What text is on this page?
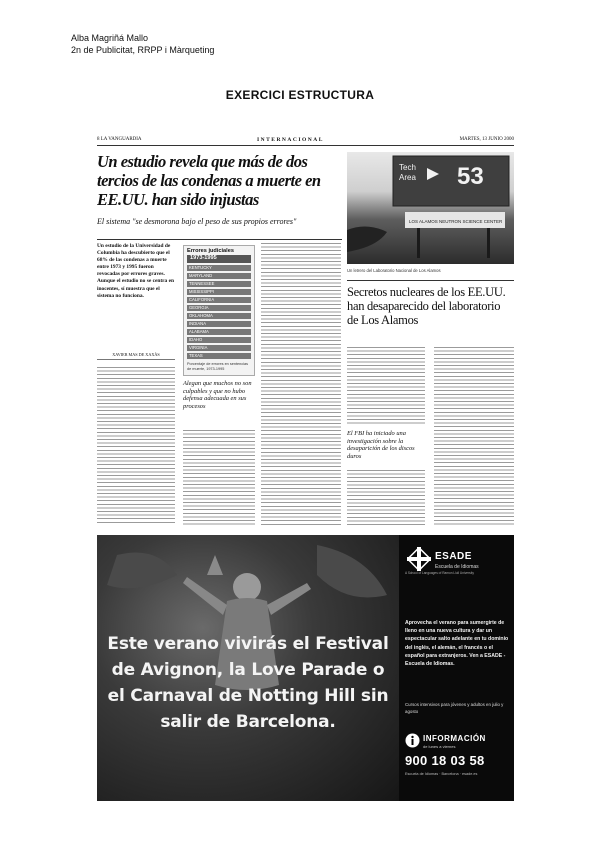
Alba Magriñá Mallo
2n de Publicitat, RRPP i Màrqueting
EXERCICI ESTRUCTURA
8 LA VANGUARDIA	INTERNACIONAL	MARTES, 13 JUNIO 2000
Un estudio revela que más de dos tercios de las condenas a muerte en EE.UU. han sido injustas
El sistema "se desmorona bajo el peso de sus propios errores"
Un estudio de la Universidad de Columbia ha descubierto que el 68% de las condenas a muerte entre 1973 y 1995 fueron revocadas por errores graves. Aunque el estudio no se centra en inocentes, sí muestra que el sistema no funciona.
XAVIER MAS DE XAXÀS
Errores judiciales
1973-1995
KENTUCKY
MARYLAND
TENNESSEE
MISSISSIPPI
CALIFORNIA
GEORGIA
OKLAHOMA
INDIANA
ALABAMA
IDAHO
VIRGINIA
TEXAS
Porcentaje de errores en sentencias de muerte, 1973-1995
Alegan que muchos no son culpables y que no hubo defensa adecuada en sus procesos
Tech
Area 53
LOS ALAMOS NEUTRON SCIENCE CENTER
Un letrero del Laboratorio Nacional de Los Alamos
Secretos nucleares de los EE.UU. han desaparecido del laboratorio de Los Alamos
El FBI ha iniciado una investigación sobre la desaparición de los discos duros
Este verano vivirás el Festival de Avignon, la Love Parade o el Carnaval de Notting Hill sin salir de Barcelona.
ESADE
Escuela de Idiomas
A School of Languages of Ramon Llull University
Aprovecha el verano para sumergirte de lleno en una nueva cultura y dar un espectacular salto adelante en tu dominio del inglés, el alemán, el francés o el español para extranjeros. Ven a ESADE - Escuela de Idiomas.
Cursos intensivos para jóvenes y adultos en julio y agosto
INFORMACIÓN
de lunes a viernes
900 18 03 58
Escuela de Idiomas · Barcelona · esade.es
